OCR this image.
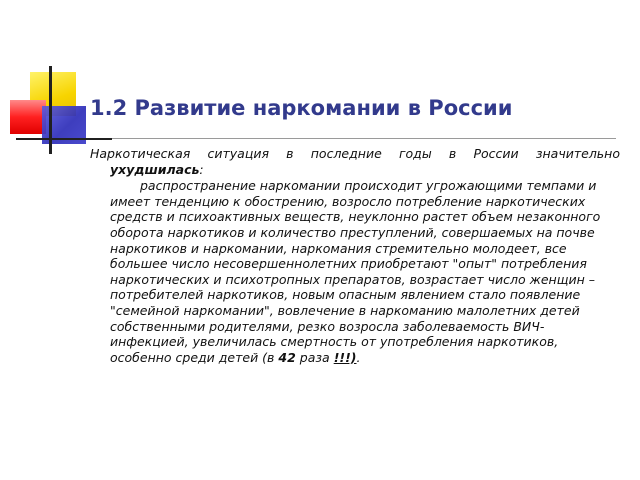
1.2 Развитие наркомании в России

Наркотическая ситуация в последние годы в России значительно
ухудшилась:

распространение наркомании происходит угрожающими темпами и имеет тенденцию к обострению, возросло потребление наркотических средств и психоактивных веществ, неуклонно растет объем незаконного оборота наркотиков и количество преступлений, совершаемых на почве наркотиков и наркомании, наркомания стремительно молодеет, все большее число несовершеннолетних приобретают "опыт" потребления наркотических и психотропных препаратов, возрастает число женщин – потребителей наркотиков, новым опасным явлением стало появление "семейной наркомании", вовлечение в наркоманию малолетних детей собственными родителями, резко возросла заболеваемость ВИЧ-инфекцией, увеличилась смертность от употребления наркотиков, особенно среди детей (в 42 раза !!!).
